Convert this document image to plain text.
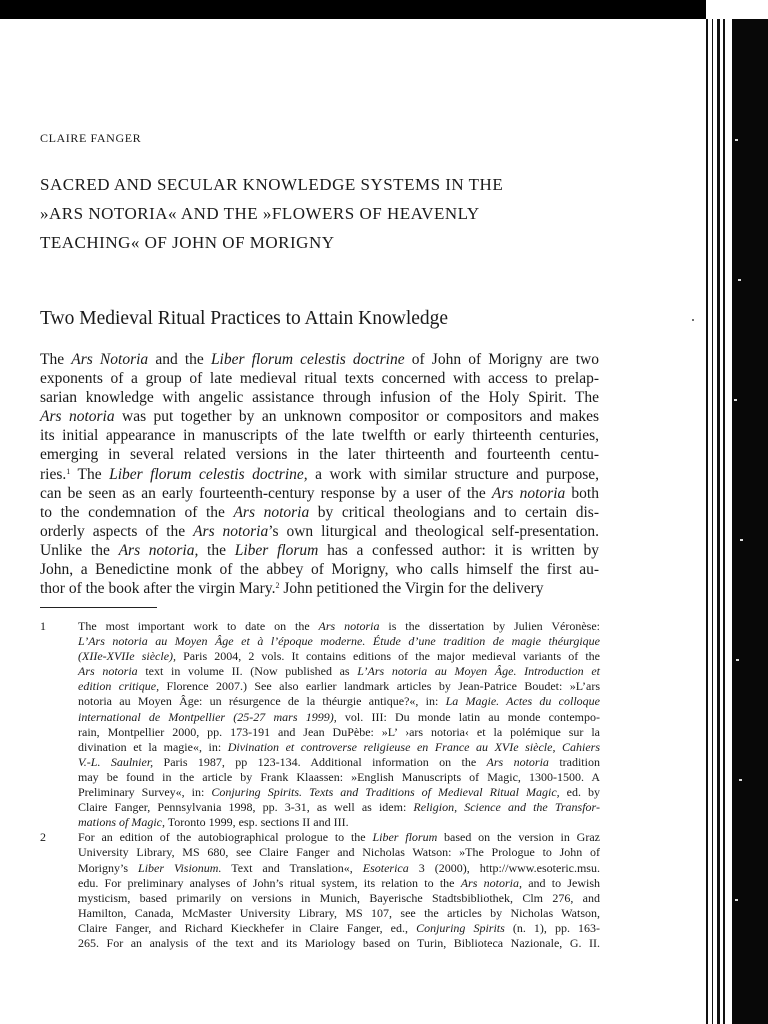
CLAIRE FANGER

SACRED AND SECULAR KNOWLEDGE SYSTEMS IN THE
»ARS NOTORIA« AND THE »FLOWERS OF HEAVENLY
TEACHING« OF JOHN OF MORIGNY
Two Medieval Ritual Practices to Attain Knowledge
The Ars Notoria and the Liber florum celestis doctrine of John of Morigny are two
exponents of a group of late medieval ritual texts concerned with access to prelap-
sarian knowledge with angelic assistance through infusion of the Holy Spirit. The
Ars notoria was put together by an unknown compositor or compositors and makes
its initial appearance in manuscripts of the late twelfth or early thirteenth centuries,
emerging in several related versions in the later thirteenth and fourteenth centu-
ries.$^1$ The Liber florum celestis doctrine, a work with similar structure and purpose,
can be seen as an early fourteenth-century response by a user of the Ars notoria both
to the condemnation of the Ars notoria by critical theologians and to certain dis-
orderly aspects of the Ars notoria’s own liturgical and theological self-presentation.
Unlike the Ars notoria, the Liber florum has a confessed author: it is written by
John, a Benedictine monk of the abbey of Morigny, who calls himself the first au-
thor of the book after the virgin Mary.$^2$ John petitioned the Virgin for the delivery
1	The most important work to date on the Ars notoria is the dissertation by Julien Véronèse:
L’Ars notoria au Moyen Âge et à l’époque moderne. Étude d’une tradition de magie théurgique
(XIIe-XVIIe siècle), Paris 2004, 2 vols. It contains editions of the major medieval variants of the
Ars notoria text in volume II. (Now published as L’Ars notoria au Moyen Âge. Introduction et
edition critique, Florence 2007.) See also earlier landmark articles by Jean-Patrice Boudet: »L’ars
notoria au Moyen Âge: un résurgence de la théurgie antique?«, in: La Magie. Actes du colloque
international de Montpellier (25-27 mars 1999), vol. III: Du monde latin au monde contempo-
rain, Montpellier 2000, pp. 173-191 and Jean DuPèbe: »L’ ›ars notoria‹ et la polémique sur la
divination et la magie«, in: Divination et controverse religieuse en France au XVIe siècle, Cahiers
V.-L. Saulnier, Paris 1987, pp 123-134. Additional information on the Ars notoria tradition
may be found in the article by Frank Klaassen: »English Manuscripts of Magic, 1300-1500. A
Preliminary Survey«, in: Conjuring Spirits. Texts and Traditions of Medieval Ritual Magic, ed. by
Claire Fanger, Pennsylvania 1998, pp. 3-31, as well as idem: Religion, Science and the Transfor-
mations of Magic, Toronto 1999, esp. sections II and III.
2	For an edition of the autobiographical prologue to the Liber florum based on the version in Graz
University Library, MS 680, see Claire Fanger and Nicholas Watson: »The Prologue to John of
Morigny’s Liber Visionum. Text and Translation«, Esoterica 3 (2000), http://www.esoteric.msu.
edu. For preliminary analyses of John’s ritual system, its relation to the Ars notoria, and to Jewish
mysticism, based primarily on versions in Munich, Bayerische Stadtsbibliothek, Clm 276, and
Hamilton, Canada, McMaster University Library, MS 107, see the articles by Nicholas Watson,
Claire Fanger, and Richard Kieckhefer in Claire Fanger, ed., Conjuring Spirits (n. 1), pp. 163-
265. For an analysis of the text and its Mariology based on Turin, Biblioteca Nazionale, G. II.
